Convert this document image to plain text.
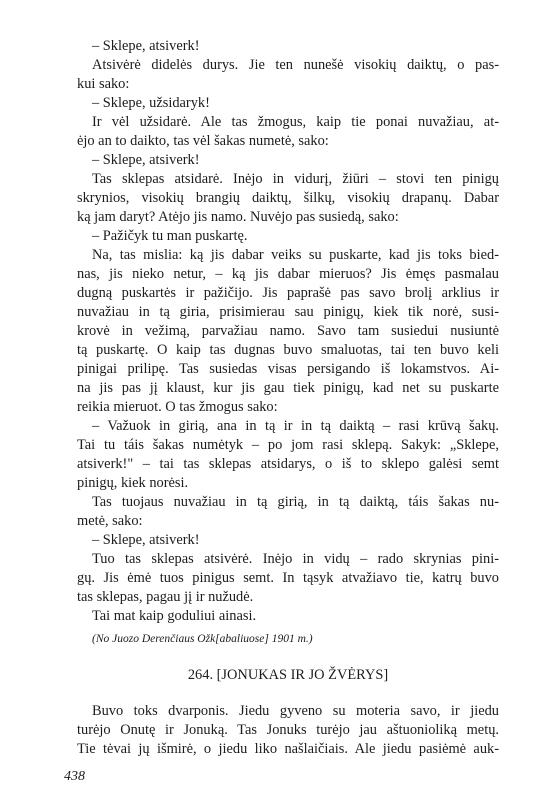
– Sklepe, atsiverk!
Atsivėrė didelės durys. Jie ten nunešė visokių daiktų, o pas-
kui sako:
– Sklepe, užsidaryk!
Ir vėl užsidarė. Ale tas žmogus, kaip tie ponai nuvažiau, at-
ėjo an to daikto, tas vėl šakas numetė, sako:
– Sklepe, atsiverk!
Tas sklepas atsidarė. Inėjo in vidurį, žiūri – stovi ten pinigų
skrynios, visokių brangių daiktų, šilkų, visokių drapanų. Dabar
ką jam daryt? Atėjo jis namo. Nuvėjo pas susiedą, sako:
– Pažičyk tu man puskartę.
Na, tas mislia: ką jis dabar veiks su puskarte, kad jis toks bied-
nas, jis nieko netur, – ką jis dabar mieruos? Jis ėmęs pasmalau
dugną puskartės ir pažičijo. Jis paprašė pas savo brolį arklius ir
nuvažiau in tą giria, prisimierau sau pinigų, kiek tik norė, susi-
krovė in vežimą, parvažiau namo. Savo tam susiedui nusiuntė
tą puskartę. O kaip tas dugnas buvo smaluotas, tai ten buvo keli
pinigai prilipę. Tas susiedas visas persigando iš lokamstvos. Ai-
na jis pas jį klaust, kur jis gau tiek pinigų, kad net su puskarte
reikia mieruot. O tas žmogus sako:
– Važuok in girią, ana in tą ir in tą daiktą – rasi krūvą šakų.
Tai tu táis šakas numėtyk – po jom rasi sklepą. Sakyk: „Sklepe,
atsiverk!" – tai tas sklepas atsidarys, o iš to sklepo galėsi semt
pinigų, kiek norėsi.
Tas tuojaus nuvažiau in tą girią, in tą daiktą, táis šakas nu-
metė, sako:
– Sklepe, atsiverk!
Tuo tas sklepas atsivėrė. Inėjo in vidų – rado skrynias pini-
gų. Jis ėmė tuos pinigus semt. In tąsyk atvažiavo tie, katrų buvo
tas sklepas, pagau jį ir nužudė.
Tai mat kaip goduliui ainasi.
(No Juozo Derenčiaus Ožk[abaliuose] 1901 m.)
264. [JONUKAS IR JO ŽVĖRYS]
Buvo toks dvarponis. Jiedu gyveno su moteria savo, ir jiedu
turėjo Onutę ir Jonuką. Tas Jonuks turėjo jau aštuonioliką metų.
Tie tėvai jų išmirė, o jiedu liko našlaičiais. Ale jiedu pasiėmė auk-
438
